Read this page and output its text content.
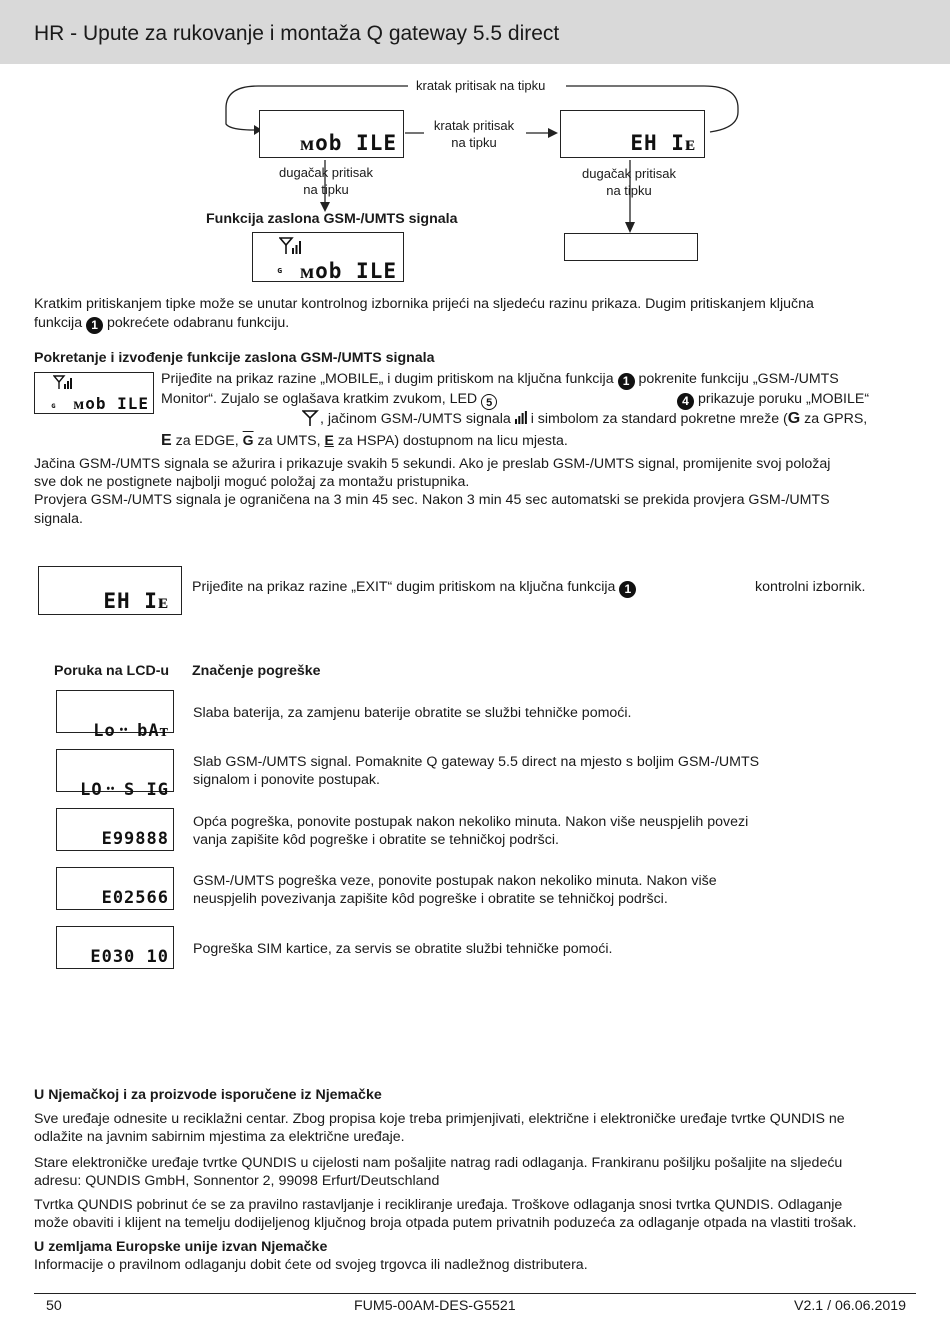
HR - Upute za rukovanje i montaža Q gateway 5.5 direct
kratak pritisak na tipku
ᴍob ILE
kratak pritisak
na tipku	EH Iᴇ
dugačak pritisak
na tipku
dugačak pritisak
na tipku
Funkcija zaslona GSM-/UMTS signala
ɢ ᴍob ILE
Kratkim pritiskanjem tipke može se unutar kontrolnog izbornika prijeći na sljedeću razinu prikaza. Dugim pritiskanjem ključna
funkcija 1 pokrećete odabranu funkciju.
Pokretanje i izvođenje funkcije zaslona GSM-/UMTS signala
ɢ ᴍob ILE
Prijeđite na prikaz razine „MOBILE„ i dugim pritiskom na ključna funkcija 1 pokrenite funkciju „GSM-/UMTS
Monitor“. Zujalo se oglašava kratkim zvukom, LED 5	4 prikazuje poruku „MOBILE“
, jačinom GSM-/UMTS signala i simbolom za standard pokretne mreže (G za GPRS,
E za EDGE, $\overline{G}$ za UMTS, E za HSPA) dostupnom na licu mjesta.
Jačina GSM-/UMTS signala se ažurira i prikazuje svakih 5 sekundi. Ako je preslab GSM-/UMTS signal, promijenite svoj položaj
sve dok ne postignete najbolji moguć položaj za montažu pristupnika.
Provjera GSM-/UMTS signala je ograničena na 3 min 45 sec. Nakon 3 min 45 sec automatski se prekida provjera GSM-/UMTS
signala.
EH Iᴇ
Prijeđite na prikaz razine „EXIT“ dugim pritiskom na ključna funkcija 1	kontrolni izbornik.
Poruka na LCD-u Značenje pogreške
Lo᠃ bAᴛ
Slaba baterija, za zamjenu baterije obratite se službi tehničke pomoći.
LO᠃ S IG
Slab GSM-/UMTS signal. Pomaknite Q gateway 5.5 direct na mjesto s boljim GSM-/UMTS
signalom i ponovite postupak.
E99888
Opća pogreška, ponovite postupak nakon nekoliko minuta. Nakon više neuspjelih povezi
vanja zapišite kôd pogreške i obratite se tehničkoj podršci.
E02566
GSM-/UMTS pogreška veze, ponovite postupak nakon nekoliko minuta. Nakon više
neuspjelih povezivanja zapišite kôd pogreške i obratite se tehničkoj podršci.
E030 10 Pogreška SIM kartice, za servis se obratite službi tehničke pomoći.
U Njemačkoj i za proizvode isporučene iz Njemačke
Sve uređaje odnesite u reciklažni centar. Zbog propisa koje treba primjenjivati, električne i elektroničke uređaje tvrtke QUNDIS ne
odlažite na javnim sabirnim mjestima za električne uređaje.
Stare elektroničke uređaje tvrtke QUNDIS u cijelosti nam pošaljite natrag radi odlaganja. Frankiranu pošiljku pošaljite na sljedeću
adresu: QUNDIS GmbH, Sonnentor 2, 99098 Erfurt/Deutschland
Tvrtka QUNDIS pobrinut će se za pravilno rastavljanje i recikliranje uređaja. Troškove odlaganja snosi tvrtka QUNDIS. Odlaganje
može obaviti i klijent na temelju dodijeljenog ključnog broja otpada putem privatnih poduzeća za odlaganje otpada na vlastiti trošak.
U zemljama Europske unije izvan Njemačke
Informacije o pravilnom odlaganju dobit ćete od svojeg trgovca ili nadležnog distributera.
50	FUM5-00AM-DES-G5521	V2.1 / 06.06.2019
